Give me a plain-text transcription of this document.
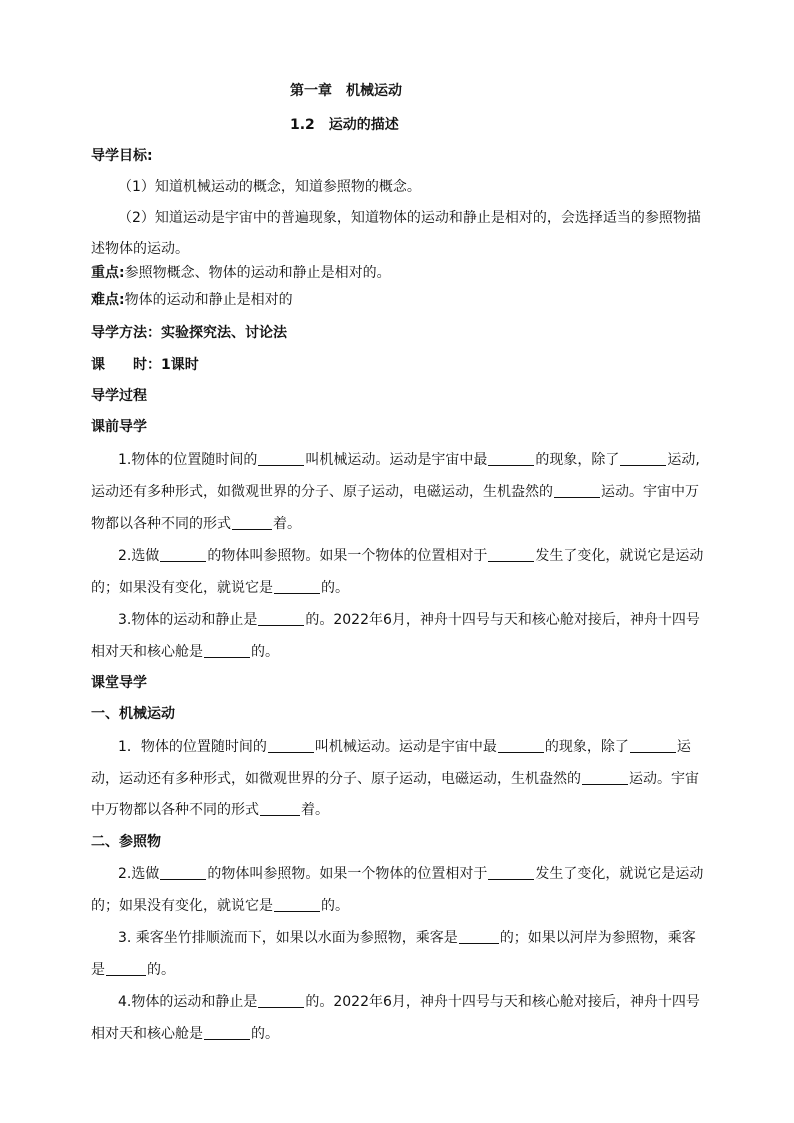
第一章　机械运动
1.2　运动的描述
导学目标:
（1）知道机械运动的概念，知道参照物的概念。
（2）知道运动是宇宙中的普遍现象，知道物体的运动和静止是相对的，会选择适当的参照物描
述物体的运动。
重点:参照物概念、物体的运动和静止是相对的。
难点:物体的运动和静止是相对的
导学方法：实验探究法、讨论法
课　　时：1课时
导学过程
课前导学
1.物体的位置随时间的	叫机械运动。运动是宇宙中最	的现象，除了	运动,
运动还有多种形式，如微观世界的分子、原子运动，电磁运动，生机盎然的	运动。宇宙中万
物都以各种不同的形式	着。
2.选做	的物体叫参照物。如果一个物体的位置相对于	发生了变化，就说它是运动
的；如果没有变化，就说它是	的。
3.物体的运动和静止是	的。2022年6月，神舟十四号与天和核心舱对接后，神舟十四号
相对天和核心舱是	的。
课堂导学
一、机械运动
1．物体的位置随时间的	叫机械运动。运动是宇宙中最	的现象，除了	运
动，运动还有多种形式，如微观世界的分子、原子运动，电磁运动，生机盎然的	运动。宇宙
中万物都以各种不同的形式	着。
二、参照物
2.选做	的物体叫参照物。如果一个物体的位置相对于	发生了变化，就说它是运动
的；如果没有变化，就说它是	的。
3. 乘客坐竹排顺流而下，如果以水面为参照物，乘客是	的；如果以河岸为参照物，乘客
是	的。
4.物体的运动和静止是	的。2022年6月，神舟十四号与天和核心舱对接后，神舟十四号
相对天和核心舱是	的。
